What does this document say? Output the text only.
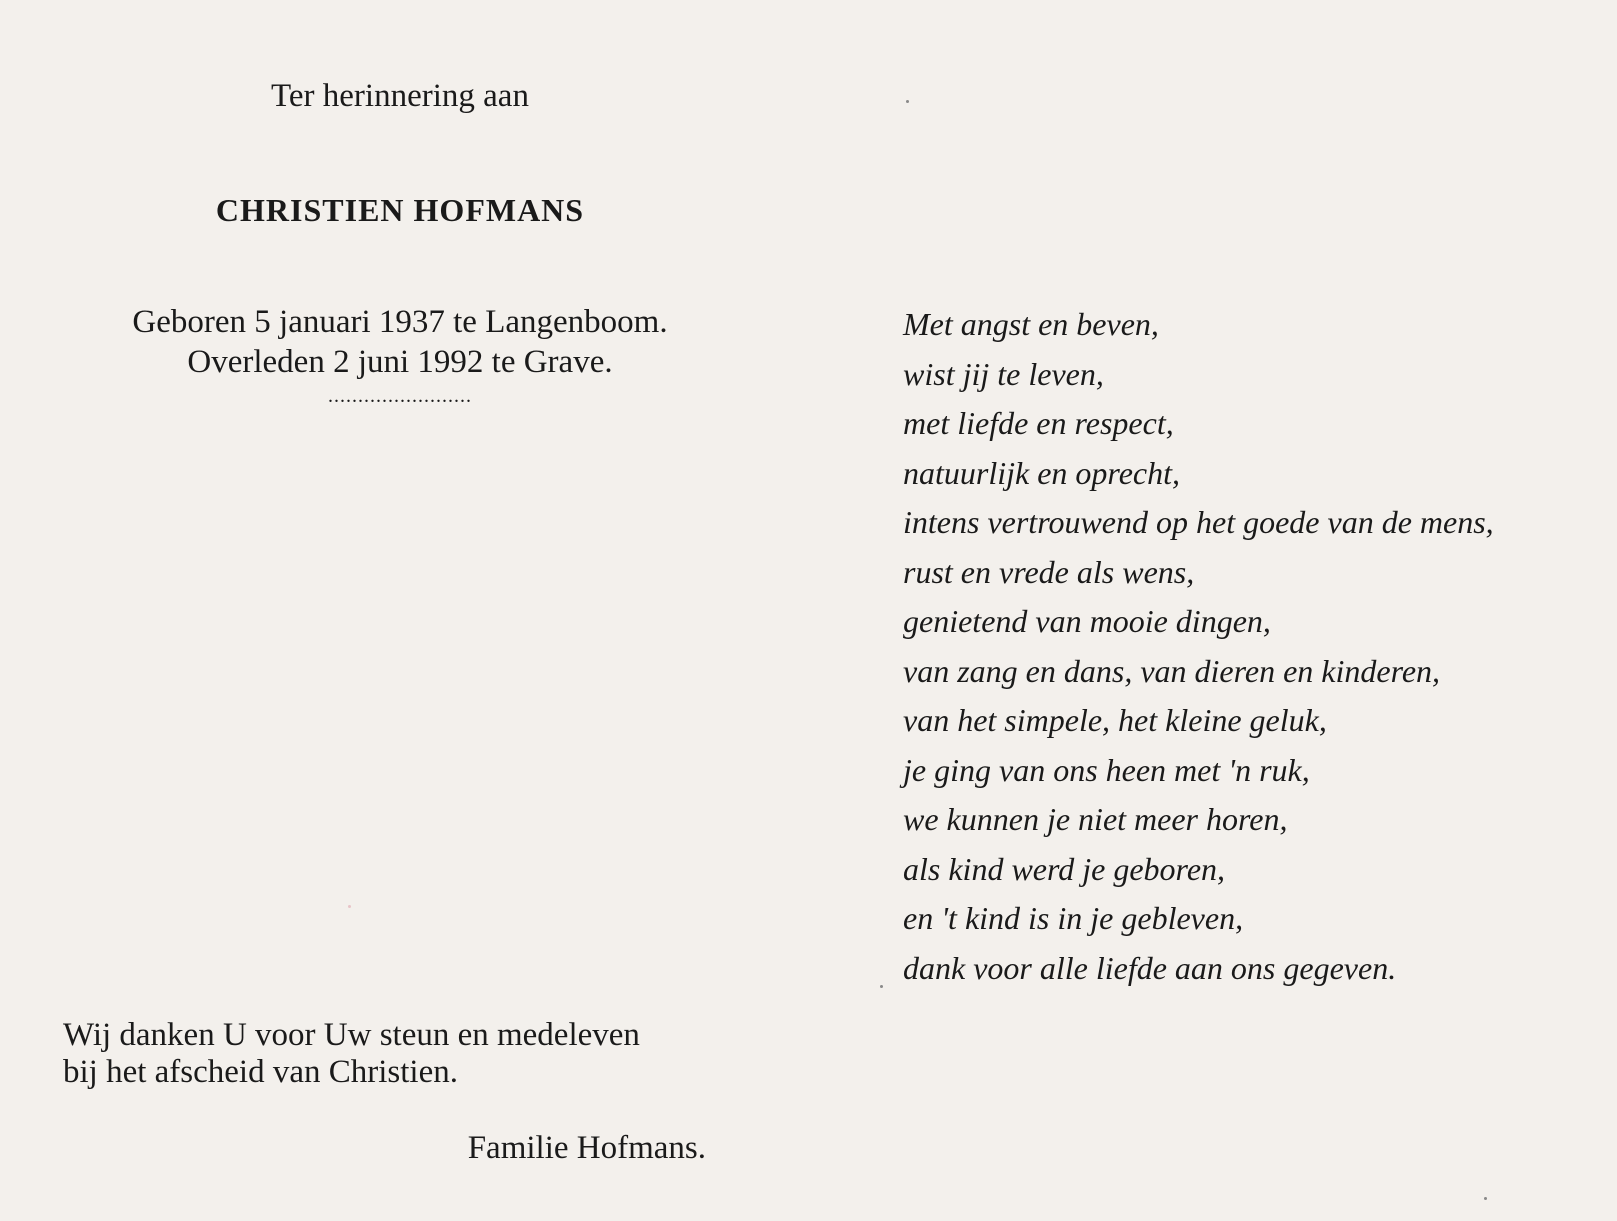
Ter herinnering aan
CHRISTIEN HOFMANS
Geboren 5 januari 1937 te Langenboom.
Overleden 2 juni 1992 te Grave.
........................
Wij danken U voor Uw steun en medeleven
bij het afscheid van Christien.
Familie Hofmans.
Met angst en beven,
wist jij te leven,
met liefde en respect,
natuurlijk en oprecht,
intens vertrouwend op het goede van de mens,
rust en vrede als wens,
genietend van mooie dingen,
van zang en dans, van dieren en kinderen,
van het simpele, het kleine geluk,
je ging van ons heen met 'n ruk,
we kunnen je niet meer horen,
als kind werd je geboren,
en 't kind is in je gebleven,
dank voor alle liefde aan ons gegeven.
